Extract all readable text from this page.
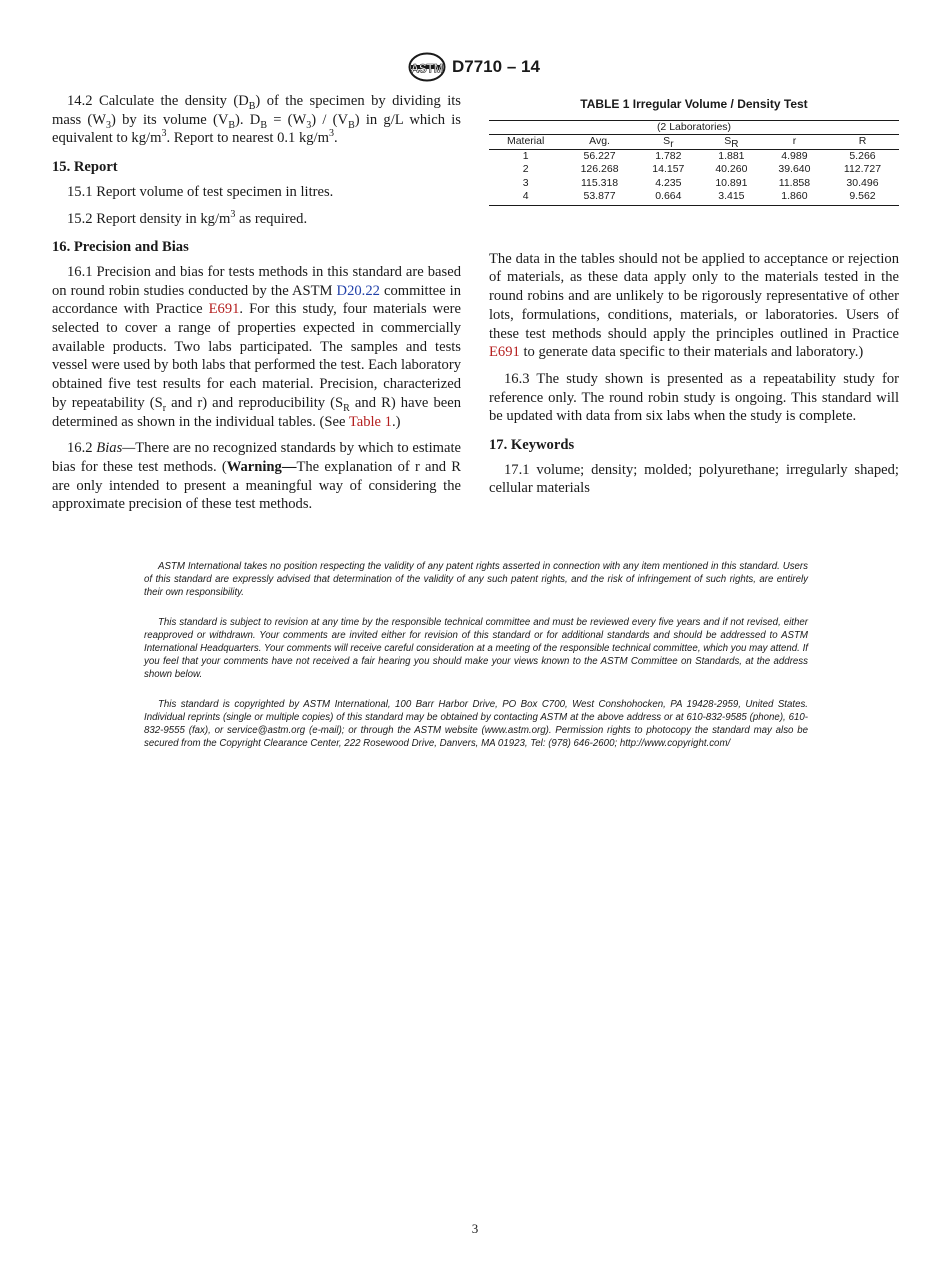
ASTM D7710 – 14

14.2 Calculate the density $(D_B)$ of the specimen by dividing its mass $(W_3)$ by its volume $(V_B)$. $D_B = (W_3) / (V_B)$ in g/L which is equivalent to $kg/m^3$. Report to nearest 0.1 $kg/m^3$.

15. Report

15.1 Report volume of test specimen in litres.

15.2 Report density in $kg/m^3$ as required.

16. Precision and Bias

16.1 Precision and bias for tests methods in this standard are based on round robin studies conducted by the ASTM D20.22 committee in accordance with Practice E691. For this study, four materials were selected to cover a range of properties expected in commercially available products. Two labs participated. The samples and tests vessel were used by both labs that performed the test. Each laboratory obtained five test results for each material. Precision, characterized by repeatability ($S_r$ and r) and reproducibility ($S_R$ and R) have been determined as shown in the individual tables. (See Table 1.)

16.2 Bias—There are no recognized standards by which to estimate bias for these test methods. (Warning—The explanation of r and R are only intended to present a meaningful way of considering the approximate precision of these test methods.

TABLE 1 Irregular Volume / Density Test
(2 Laboratories)					
Material	Avg.	$S_r$	$S_R$	r	R
1	56.227	1.782	1.881	4.989	5.266
2	126.268	14.157	40.260	39.640	112.727
3	115.318	4.235	10.891	11.858	30.496
4	53.877	0.664	3.415	1.860	9.562

The data in the tables should not be applied to acceptance or rejection of materials, as these data apply only to the materials tested in the round robins and are unlikely to be rigorously representative of other lots, formulations, conditions, materials, or laboratories. Users of these test methods should apply the principles outlined in Practice E691 to generate data specific to their materials and laboratory.)

16.3 The study shown is presented as a repeatability study for reference only. The round robin study is ongoing. This standard will be updated with data from six labs when the study is complete.

17. Keywords

17.1 volume; density; molded; polyurethane; irregularly shaped; cellular materials

ASTM International takes no position respecting the validity of any patent rights asserted in connection with any item mentioned in this standard. Users of this standard are expressly advised that determination of the validity of any such patent rights, and the risk of infringement of such rights, are entirely their own responsibility.

This standard is subject to revision at any time by the responsible technical committee and must be reviewed every five years and if not revised, either reapproved or withdrawn. Your comments are invited either for revision of this standard or for additional standards and should be addressed to ASTM International Headquarters. Your comments will receive careful consideration at a meeting of the responsible technical committee, which you may attend. If you feel that your comments have not received a fair hearing you should make your views known to the ASTM Committee on Standards, at the address shown below.

This standard is copyrighted by ASTM International, 100 Barr Harbor Drive, PO Box C700, West Conshohocken, PA 19428-2959, United States. Individual reprints (single or multiple copies) of this standard may be obtained by contacting ASTM at the above address or at 610-832-9585 (phone), 610-832-9555 (fax), or service@astm.org (e-mail); or through the ASTM website (www.astm.org). Permission rights to photocopy the standard may also be secured from the Copyright Clearance Center, 222 Rosewood Drive, Danvers, MA 01923, Tel: (978) 646-2600; http://www.copyright.com/

3
